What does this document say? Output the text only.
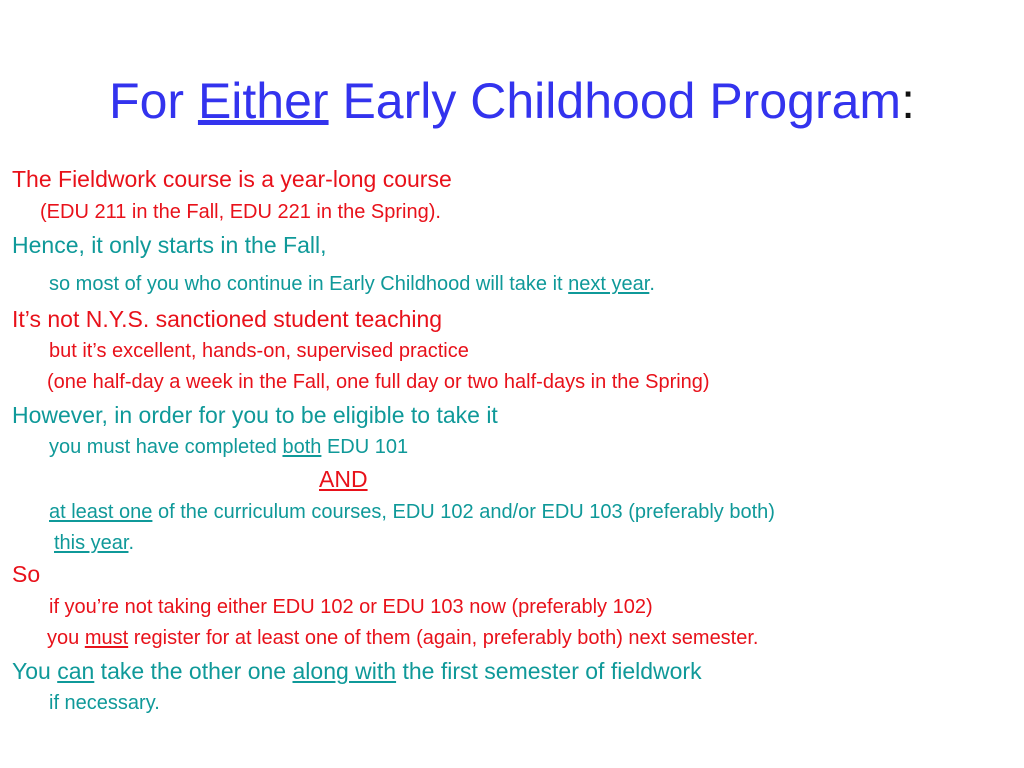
For Either Early Childhood Program:
The Fieldwork course is a year-long course
(EDU 211 in the Fall, EDU 221 in the Spring).
Hence, it only starts in the Fall,
so most of you who continue in Early Childhood will take it next year.
It’s not N.Y.S. sanctioned student teaching
but it’s excellent, hands-on, supervised practice
(one half-day a week in the Fall, one full day or two half-days in the Spring)
However, in order for you to be eligible to take it
you must have completed both EDU 101
AND
at least one of the curriculum courses, EDU 102 and/or EDU 103 (preferably both)
this year.
So
if you’re not taking either EDU 102 or EDU 103 now (preferably 102)
you must register for at least one of them (again, preferably both) next semester.
You can take the other one along with the first semester of fieldwork
if necessary.
